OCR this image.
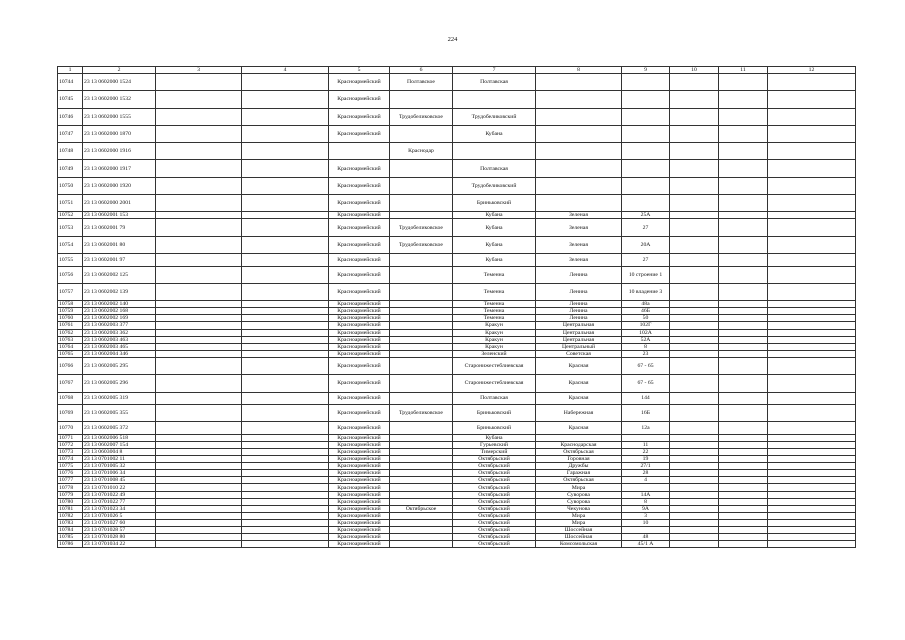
224
1	2	3	4	5	6	7	8	9	10	11	12
10744	23 13 0602000 1524			Красноармейский	Полтавское	Полтавская					
10745	23 13 0602000 1532			Красноармейский							
10746	23 13 0602000 1555			Красноармейский	Трудобеликовское	Трудобеликовский					
10747	23 13 0602000 1870			Красноармейский		Кубанa					
10748	23 13 0602000 1916				Краснодар						
10749	23 13 0602000 1917			Красноармейский		Полтавская					
10750	23 13 0602000 1920			Красноармейский		Трудобеликовский					
10751	23 13 0602000 2001			Красноармейский		Бриньковский					
10752	23 13 0602001 153			Красноармейский		Кубанa	Зеленая	25А			
10753	23 13 0602001 79			Красноармейский	Трудобеликовское	Кубанa	Зеленая	27			
10754	23 13 0602001 80			Красноармейский	Трудобеликовское	Кубанa	Зеленая	20А			
10755	23 13 0602001 97			Красноармейский		Кубанa	Зеленая	27			
10756	23 13 0602002 125			Красноармейский		Теменна	Ленина	10 строение 1			
10757	23 13 0602002 139			Красноармейский		Теменна	Ленина	10 владение 3			
10758	23 13 0602002 140			Красноармейский		Теменна	Ленина	48а			
10759	23 13 0602002 168			Красноармейский		Теменна	Ленина	46Б			
10760	23 13 0602002 169			Красноармейский		Теменна	Ленина	50			
10761	23 13 0602003 377			Красноармейский		Кракун	Центральная	102Г			
10762	23 13 0602003 362			Красноармейский		Кракун	Центральная	102А			
10763	23 13 0602003 463			Красноармейский		Кракун	Центральная	52А			
10764	23 13 0602003 465			Красноармейский		Кракун	Центральный	8			
10765	23 13 0602004 346			Красноармейский		Зеленский	Советская	23			
10766	23 13 0602005 295			Красноармейский		Старонижестеблиевская	Красная	67 - 65			
10767	23 13 0602005 296			Красноармейский		Старонижестеблиевская	Красная	67 - 65			
10768	23 13 0602005 319			Красноармейский		Полтавская	Красная	144			
10769	23 13 0602005 355			Красноармейский	Трудобеликовское	Бриньковский	Набережная	16Б			
10770	23 13 0602005 372			Красноармейский		Бриньковский	Красная	12а			
10771	23 13 0602006 518			Красноармейский		Кубанa					
10772	23 13 0602007 154			Красноармейский		Гурьевский	Краснодарская	11			
10773	23 13 0603004 8			Красноармейский		Тимерский	Октябрьская	22			
10774	23 13 0701002 11			Красноармейский		Октябрьский	Горовная	19			
10775	23 13 0701005 32			Красноармейский		Октябрьский	Дружбы	27/1			
10776	23 13 0701006 34			Красноармейский		Октябрьский	Гаражная	28			
10777	23 13 0701008 45			Красноармейский		Октябрьский	Октябрьская	4			
10778	23 13 0701010 22			Красноармейский		Октябрьский	Мира				
10779	23 13 0701022 49			Красноармейский		Октябрьский	Суворова	14А			
10780	23 13 0701022 77			Красноармейский		Октябрьский	Суворова	8			
10781	23 13 0701023 34			Красноармейский	Октябрьское	Октябрьский	Чекунова	9А			
10782	23 13 0701026 5			Красноармейский		Октябрьский	Мира	3			
10783	23 13 0701027 60			Красноармейский		Октябрьский	Мира	10			
10784	23 13 0701028 57			Красноармейский		Октябрьский	Шоссейная				
10785	23 13 0701028 80			Красноармейский		Октябрьский	Шоссейная	48			
10786	23 13 0701034 22			Красноармейский		Октябрьский	Комсомольская	45/1 А			
